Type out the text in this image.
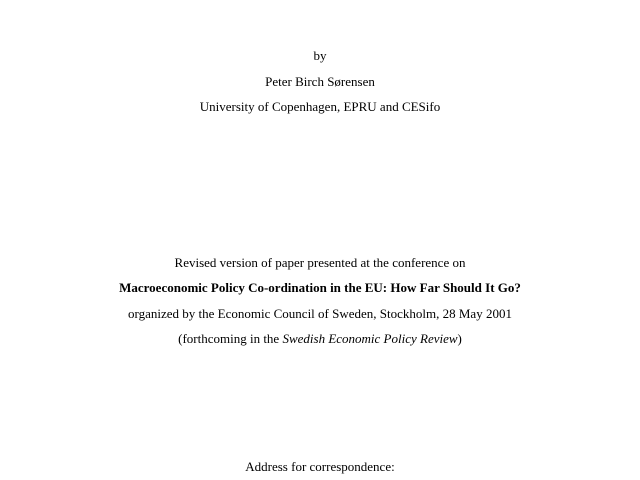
by
Peter Birch Sørensen
University of Copenhagen, EPRU and CESifo
Revised version of paper presented at the conference on
Macroeconomic Policy Co-ordination in the EU: How Far Should It Go?
organized by the Economic Council of Sweden, Stockholm, 28 May 2001
(forthcoming in the Swedish Economic Policy Review)
Address for correspondence:
